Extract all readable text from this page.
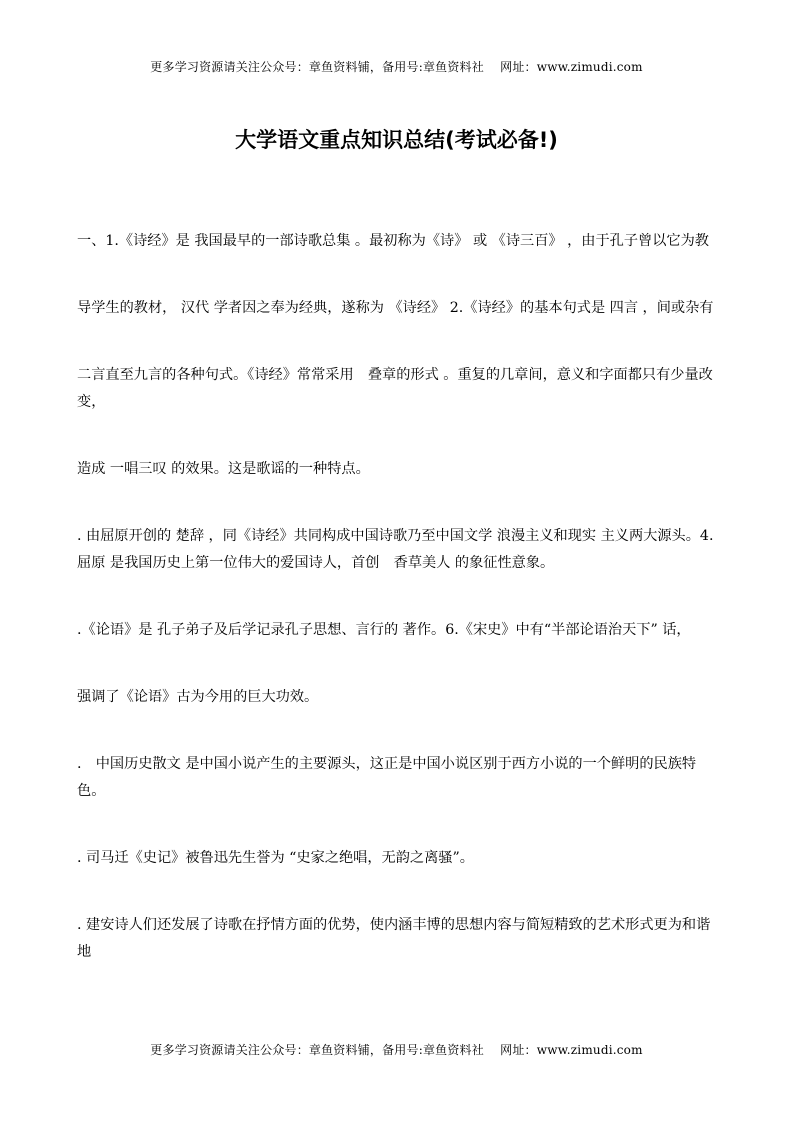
更多学习资源请关注公众号：章鱼资料铺，备用号:章鱼资料社　 网址：www.zimudi.com
大学语文重点知识总结(考试必备!)

一、1.《诗经》是 我国最早的一部诗歌总集 。最初称为《诗》 或 《诗三百》 ，由于孔子曾以它为教

导学生的教材， 汉代 学者因之奉为经典，遂称为 《诗经》 2.《诗经》的基本句式是 四言 ，间或杂有

二言直至九言的各种句式。《诗经》常常采用　叠章的形式 。重复的几章间，意义和字面都只有少量改变，

造成 一唱三叹 的效果。这是歌谣的一种特点。

. 由屈原开创的 楚辞 ，同《诗经》共同构成中国诗歌乃至中国文学 浪漫主义和现实 主义两大源头。4. 屈原 是我国历史上第一位伟大的爱国诗人，首创　香草美人 的象征性意象。

.《论语》是 孔子弟子及后学记录孔子思想、言行的 著作。6.《宋史》中有“半部论语治天下” 话，

强调了《论语》古为今用的巨大功效。

.　中国历史散文 是中国小说产生的主要源头，这正是中国小说区别于西方小说的一个鲜明的民族特色。

. 司马迁《史记》被鲁迅先生誉为 “史家之绝唱，无韵之离骚”。

. 建安诗人们还发展了诗歌在抒情方面的优势，使内涵丰博的思想内容与简短精致的艺术形式更为和谐地

更多学习资源请关注公众号：章鱼资料铺，备用号:章鱼资料社　 网址：www.zimudi.com
